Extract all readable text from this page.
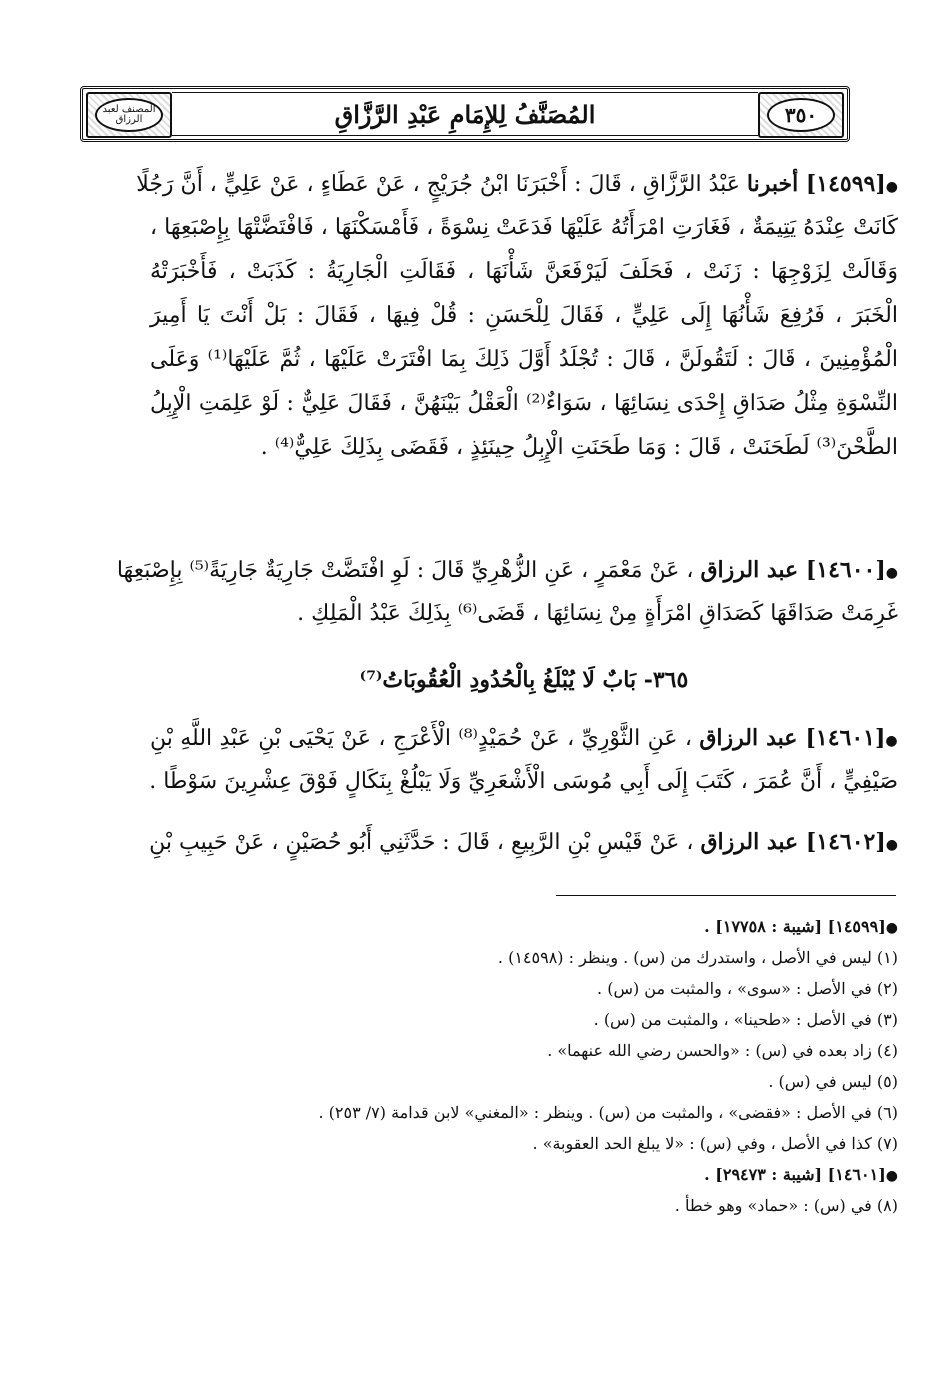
٣٥٠
المُصَنَّفُ لِلإِمَامِ عَبْدِ الرَّزَّاقِ
المصنف لعبد الرزاق
●[١٤٥٩٩] أخبرنا عَبْدُ الرَّزَّاقِ ، قَالَ : أَخْبَرَنَا ابْنُ جُرَيْجٍ ، عَنْ عَطَاءٍ ، عَنْ عَلِيٍّ ، أَنَّ رَجُلًا
كَانَتْ عِنْدَهُ يَتِيمَةٌ ، فَغَارَتِ امْرَأَتُهُ عَلَيْهَا فَدَعَتْ نِسْوَةً ، فَأَمْسَكْنَهَا ، فَافْتَضَّتْهَا بِإِصْبَعِهَا ،
وَقَالَتْ لِزَوْجِهَا : زَنَتْ ، فَحَلَفَ لَيَرْفَعَنَّ شَأْنَهَا ، فَقَالَتِ الْجَارِيَةُ : كَذَبَتْ ، فَأَخْبَرَتْهُ
الْخَبَرَ ، فَرُفِعَ شَأْنُهَا إِلَى عَلِيٍّ ، فَقَالَ لِلْحَسَنِ : قُلْ فِيهَا ، فَقَالَ : بَلْ أَنْتَ يَا أَمِيرَ
الْمُؤْمِنِينَ ، قَالَ : لَتَقُولَنَّ ، قَالَ : تُجْلَدُ أَوَّلَ ذَلِكَ بِمَا افْتَرَتْ عَلَيْهَا ، ثُمَّ عَلَيْهَا⁽¹⁾ وَعَلَى
النِّسْوَةِ مِثْلُ صَدَاقِ إِحْدَى نِسَائِهَا ، سَوَاءٌ⁽²⁾ الْعَقْلُ بَيْنَهُنَّ ، فَقَالَ عَلِيٌّ : لَوْ عَلِمَتِ الْإِبِلُ
الطَّحْنَ⁽³⁾ لَطَحَنَتْ ، قَالَ : وَمَا طَحَنَتِ الْإِبِلُ حِينَئِذٍ ، فَقَضَى بِذَلِكَ عَلِيٌّ⁽⁴⁾ .
●[١٤٦٠٠] عبد الرزاق ، عَنْ مَعْمَرٍ ، عَنِ الزُّهْرِيِّ قَالَ : لَوِ افْتَضَّتْ جَارِيَةٌ جَارِيَةً⁽⁵⁾ بِإِصْبَعِهَا
غَرِمَتْ صَدَاقَهَا كَصَدَاقِ امْرَأَةٍ مِنْ نِسَائِهَا ، قَضَى⁽⁶⁾ بِذَلِكَ عَبْدُ الْمَلِكِ .
٣٦٥- بَابٌ لَا يُبْلَغُ بِالْحُدُودِ الْعُقُوبَاتُ⁽⁷⁾
●[١٤٦٠١] عبد الرزاق ، عَنِ الثَّوْرِيِّ ، عَنْ حُمَيْدٍ⁽⁸⁾ الْأَعْرَجِ ، عَنْ يَحْيَى بْنِ عَبْدِ اللَّهِ بْنِ
صَيْفِيٍّ ، أَنَّ عُمَرَ ، كَتَبَ إِلَى أَبِي مُوسَى الْأَشْعَرِيِّ وَلَا يَبْلُغْ بِنَكَالٍ فَوْقَ عِشْرِينَ سَوْطًا .
●[١٤٦٠٢] عبد الرزاق ، عَنْ قَيْسِ بْنِ الرَّبِيعِ ، قَالَ : حَدَّثَنِي أَبُو حُصَيْنٍ ، عَنْ حَبِيبِ بْنِ
●[١٤٥٩٩] [شيبة : ١٧٧٥٨] .
(١) ليس في الأصل ، واستدرك من (س) . وينظر : (١٤٥٩٨) .
(٢) في الأصل : «سوى» ، والمثبت من (س) .
(٣) في الأصل : «طحينا» ، والمثبت من (س) .
(٤) زاد بعده في (س) : «والحسن رضي الله عنهما» .
(٥) ليس في (س) .
(٦) في الأصل : «فقضى» ، والمثبت من (س) . وينظر : «المغني» لابن قدامة (٧/ ٢٥٣) .
(٧) كذا في الأصل ، وفي (س) : «لا يبلغ الحد العقوبة» .
●[١٤٦٠١] [شيبة : ٢٩٤٧٣] .
(٨) في (س) : «حماد» وهو خطأ .
